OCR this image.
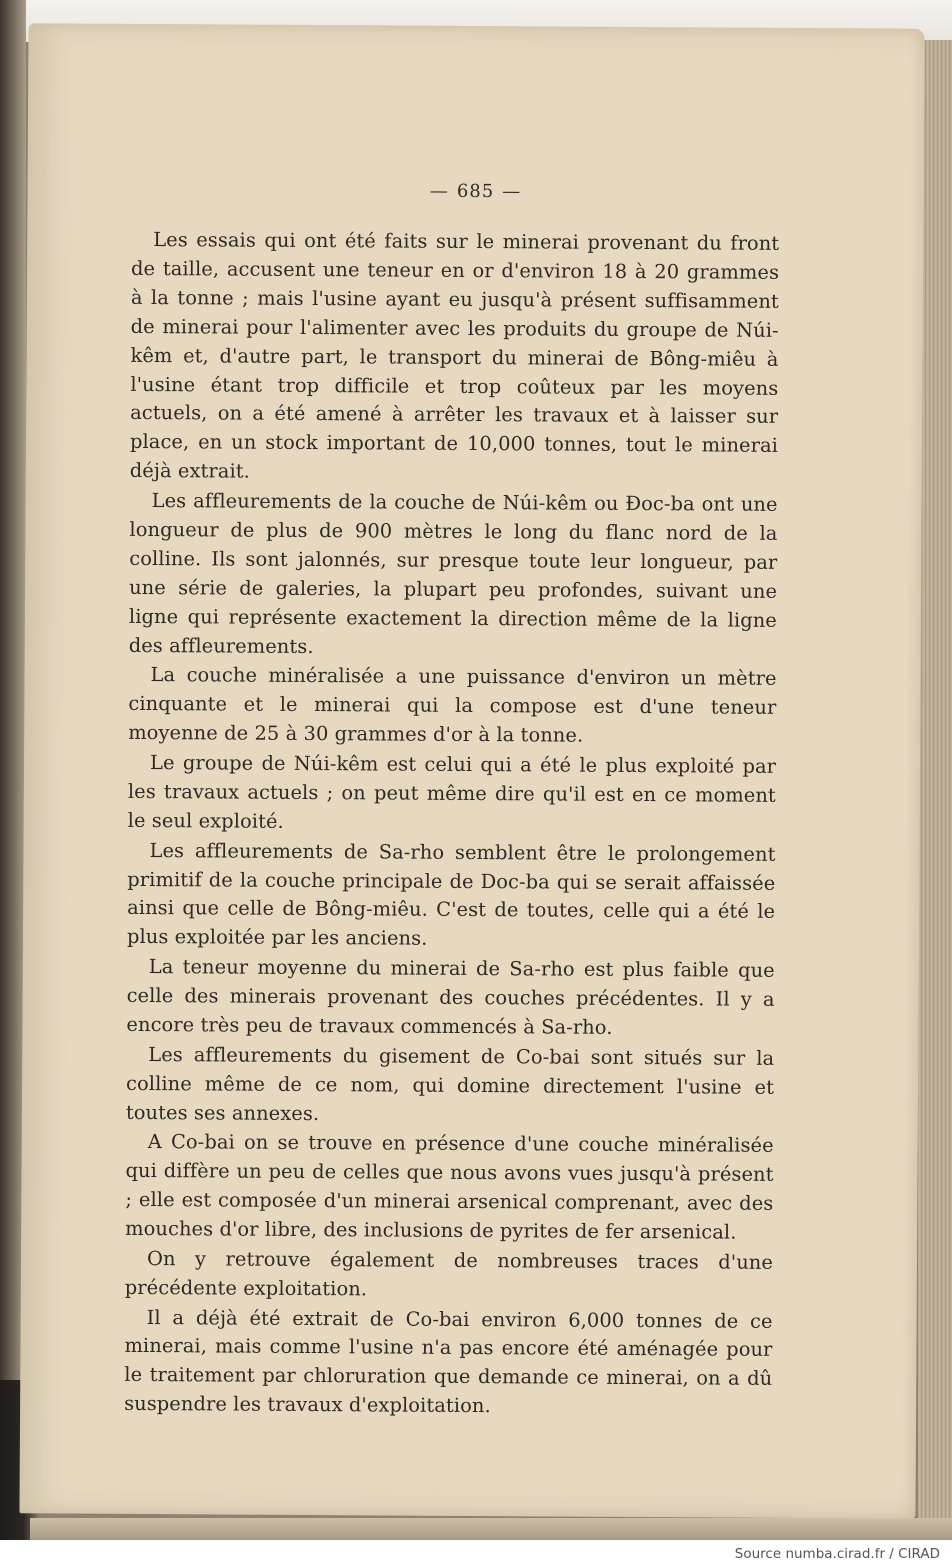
— 685 —

Les essais qui ont été faits sur le minerai provenant du front de taille, accusent une teneur en or d'environ 18 à 20 grammes à la tonne ; mais l'usine ayant eu jusqu'à présent suffisamment de minerai pour l'alimenter avec les produits du groupe de Núi-kêm et, d'autre part, le transport du minerai de Bông-miêu à l'usine étant trop difficile et trop coûteux par les moyens actuels, on a été amené à arrêter les travaux et à laisser sur place, en un stock important de 10,000 tonnes, tout le minerai déjà extrait.

Les affleurements de la couche de Núi-kêm ou Đoc-ba ont une longueur de plus de 900 mètres le long du flanc nord de la colline. Ils sont jalonnés, sur presque toute leur longueur, par une série de galeries, la plupart peu profondes, suivant une ligne qui représente exactement la direction même de la ligne des affleurements.

La couche minéralisée a une puissance d'environ un mètre cinquante et le minerai qui la compose est d'une teneur moyenne de 25 à 30 grammes d'or à la tonne.

Le groupe de Núi-kêm est celui qui a été le plus exploité par les travaux actuels ; on peut même dire qu'il est en ce moment le seul exploité.

Les affleurements de Sa-rho semblent être le prolongement primitif de la couche principale de Doc-ba qui se serait affaissée ainsi que celle de Bông-miêu. C'est de toutes, celle qui a été le plus exploitée par les anciens.

La teneur moyenne du minerai de Sa-rho est plus faible que celle des minerais provenant des couches précédentes. Il y a encore très peu de travaux commencés à Sa-rho.

Les affleurements du gisement de Co-bai sont situés sur la colline même de ce nom, qui domine directement l'usine et toutes ses annexes.

A Co-bai on se trouve en présence d'une couche minéralisée qui diffère un peu de celles que nous avons vues jusqu'à présent ; elle est composée d'un minerai arsenical comprenant, avec des mouches d'or libre, des inclusions de pyrites de fer arsenical.

On y retrouve également de nombreuses traces d'une précédente exploitation.

Il a déjà été extrait de Co-bai environ 6,000 tonnes de ce minerai, mais comme l'usine n'a pas encore été aménagée pour le traitement par chloruration que demande ce minerai, on a dû suspendre les travaux d'exploitation.

Source numba.cirad.fr / CIRAD
